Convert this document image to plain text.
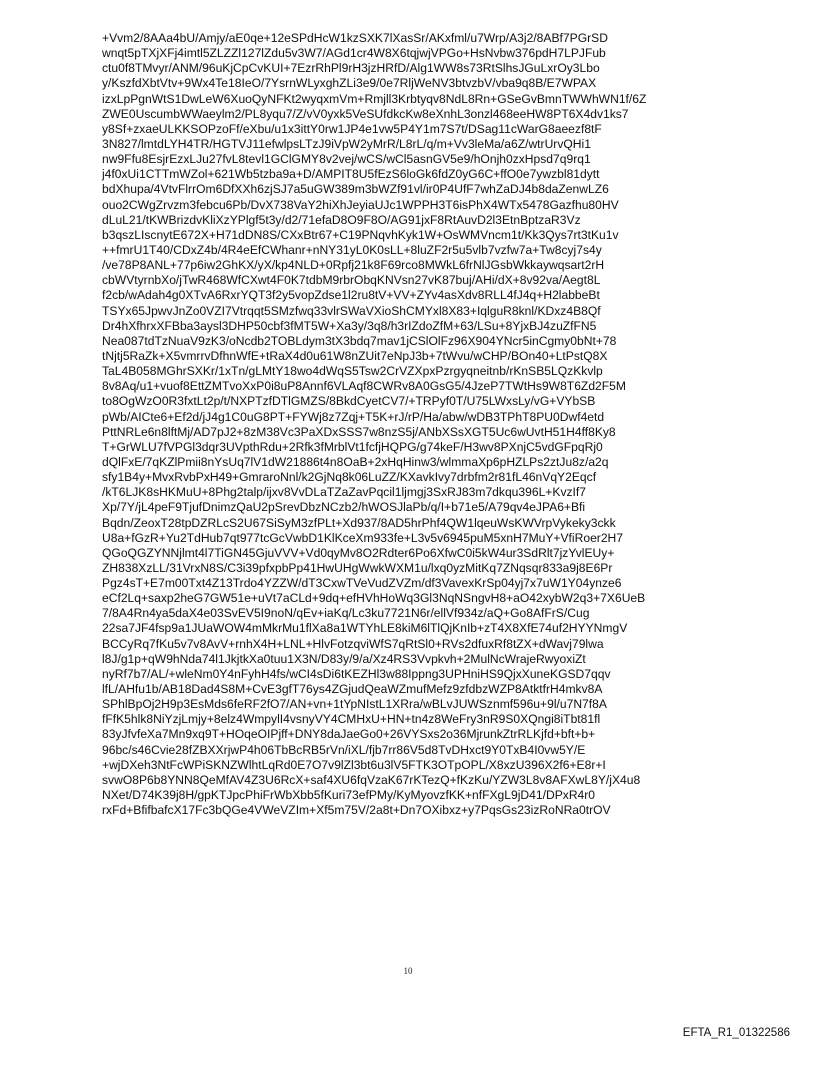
+Vvm2/8AAa4bU/Amjy/aE0qe+12eSPdHcW1kzSXK7lXasSr/AKxfml/u7Wrp/A3j2/8ABf7PGrSD
wnqt5pTXjXFj4imtl5ZLZZl127lZdu5v3W7/AGd1cr4W8X6tqjwjVPGo+HsNvbw376pdH7LPJFub
ctu0f8TMvyr/ANM/96uKjCpCvKUI+7EzrRhPl9rH3jzHRfD/Alg1WW8s73RtSlhsJGuLxrOy3Lbo
y/KszfdXbtVtv+9Wx4Te18IeO/7YsrnWLyxghZLi3e9/0e7RljWeNV3btvzbV/vba9q8B/E7WPAX
izxLpPgnWtS1DwLeW6XuoQyNFKt2wyqxmVm+Rmjll3Krbtyqv8NdL8Rn+GSeGvBmnTWWhWN1f/6Z
ZWE0UscumbWWaeylm2/PL8yqu7/Z/vV0yxk5VeSUfdkcKw8eXnhL3onzl468eeHW8PT6X4dv1ks7
y8Sf+zxaeULKKSOPzoFf/eXbu/u1x3ittY0rw1JP4e1vw5P4Y1m7S7t/DSag11cWarG8aeezf8tF
3N827/lmtdLYH4TR/HGTVJ11efwlpsLTzJ9iVpW2yMrR/L8rL/q/m+Vv3leMa/a6Z/wtrUrvQHi1
nw9Ffu8EsjrEzxLJu27fvL8tevl1GClGMY8v2vej/wCS/wCl5asnGV5e9/hOnjh0zxHpsd7q9rq1
j4f0xUi1CTTmWZol+621Wb5tzba9a+D/AMPIT8U5fEzS6loGk6fdZ0yG6C+ffO0e7ywzbl81dytt
bdXhupa/4VtvFlrrOm6DfXXh6zjSJ7a5uGW389m3bWZf91vl/ir0P4UfF7whZaDJ4b8daZenwLZ6
ouo2CWgZrvzm3febcu6Pb/DvX738VaY2hiXhJeyiaUJc1WPPH3T6isPhX4WTx5478Gazfhu80HV
dLuL21/tKWBrizdvKliXzYPlgf5t3y/d2/71efaD8O9F8O/AG91jxF8RtAuvD2l3EtnBptzaR3Vz
b3qszLIscnytE672X+H71dDN8S/CXxBtr67+C19PNqvhKyk1W+OsWMVncm1t/Kk3Qys7rt3tKu1v
++fmrU1T40/CDxZ4b/4R4eEfCWhanr+nNY31yL0K0sLL+8luZF2r5u5vlb7vzfw7a+Tw8cyj7s4y
/ve78P8ANL+77p6iw2GhKX/yX/kp4NLD+0Rpfj21k8F69rco8MWkL6frNlJGsbWkkaywqsart2rH
cbWVtyrnbXo/jTwR468WfCXwt4F0K7tdbM9rbrObqKNVsn27vK87buj/AHi/dX+8v92va/Aegt8L
f2cb/wAdah4g0XTvA6RxrYQT3f2y5vopZdse1l2ru8tV+VV+ZYv4asXdv8RLL4fJ4q+H2labbeBt
TSYx65JpwvJnZo0VZI7Vtrqqt5SMzfwq33vlrSWaVXioShCMYxl8X83+IqlguR8knl/KDxz4B8Qf
Dr4hXfhrxXFBba3aysl3DHP50cbf3fMT5W+Xa3y/3q8/h3rIZdoZfM+63/LSu+8YjxBJ4zuZfFN5
Nea087tdTzNuaV9zK3/oNcdb2TOBLdym3tX3bdq7mav1jCSlOlFz96X904YNcr5inCgmy0bNt+78
tNjtj5RaZk+X5vmrrvDfhnWfE+tRaX4d0u61W8nZUit7eNpJ3b+7tWvu/wCHP/BOn40+LtPstQ8X
TaL4B058MGhrSXKr/1xTn/gLMtY18wo4dWqS5Tsw2CrVZXpxPzrgyqneitnb/rKnSB5LQzKkvlp
8v8Aq/u1+vuof8EttZMTvoXxP0i8uP8Annf6VLAqf8CWRv8A0GsG5/4JzeP7TWtHs9W8T6Zd2F5M
to8OgWzO0R3fxtLt2p/t/NXPTzfDTlGMZS/8BkdCyetCV7/+TRPyf0T/U75LWxsLy/vG+VYbSB
pWb/AICte6+Ef2d/jJ4g1C0uG8PT+FYWj8z7Zqj+T5K+rJ/rP/Ha/abw/wDB3TPhT8PU0Dwf4etd
PttNRLe6n8lftMj/AD7pJ2+8zM38Vc3PaXDxSSS7w8nzS5j/ANbXSsXGT5Uc6wUvtH51H4ff8Ky8
T+GrWLU7fVPGl3dqr3UVpthRdu+2Rfk3fMrblVt1fcfjHQPG/g74keF/H3wv8PXnjC5vdGFpqRj0
dQlFxE/7qKZlPmii8nYsUq7lV1dW21886t4n8OaB+2xHqHinw3/wlmmaXp6pHZLPs2ztJu8z/a2q
sfy1B4y+MvxRvbPxH49+GmraroNnl/k2GjNq8k06LuZZ/KXavkIvy7drbfm2r81fL46nVqY2Eqcf
/kT6LJK8sHKMuU+8Phg2talp/ijxv8VvDLaTZaZavPqcil1ljmgj3SxRJ83m7dkqu396L+KvzIf7
Xp/7Y/jL4peF9TjufDnimzQaU2pSrevDbzNCzb2/hWOSJlaPb/q/I+b71e5/A79qv4eJPA6+Bfi
Bqdn/ZeoxT28tpDZRLcS2U67SiSyM3zfPLt+Xd937/8AD5hrPhf4QW1lqeuWsKWVrpVykeky3ckk
U8a+fGzR+Yu2TdHub7qt977tcGcVwbD1KlKceXm933fe+L3v5v6945puM5xnH7MuY+VfiRoer2H7
QGoQGZYNNjlmt4l7TiGN45GjuVVV+Vd0qyMv8O2Rdter6Po6XfwC0i5kW4ur3SdRlt7jzYvlEUy+
ZH838XzLL/31VrxN8S/C3i39pfxpbPp41HwUHgWwkWXM1u/lxq0yzMitKq7ZNqsqr833a9j8E6Pr
Pgz4sT+E7m00Txt4Z13Trdo4YZZW/dT3CxwTVeVudZVZm/df3VavexKrSp04yj7x7uW1Y04ynze6
eCf2Lq+saxp2heG7GW51e+uVt7aCLd+9dq+efHVhHoWq3Gl3NqNSngvH8+aO42xybW2q3+7X6UeB
7/8A4Rn4ya5daX4e03SvEV5I9noN/qEv+iaKq/Lc3ku7721N6r/ellVf934z/aQ+Go8AfFrS/Cug
22sa7JF4fsp9a1JUaWOW4mMkrMu1flXa8a1WTYhLE8kiM6lTlQjKnIb+zT4X8XfE74uf2HYYNmgV
BCCyRq7fKu5v7v8AvV+rnhX4H+LNL+HlvFotzqviWfS7qRtSl0+RVs2dfuxRf8tZX+dWavj79lwa
l8J/g1p+qW9hNda74l1JkjtkXa0tuu1X3N/D83y/9/a/Xz4RS3Vvpkvh+2MulNcWrajeRwyoxiZt
nyRf7b7/AL/+wleNm0Y4nFyhH4fs/wCI4sDi6tKEZHl3w88Ippng3UPHniHS9QjxXuneKGSD7qqv
lfL/AHfu1b/AB18Dad4S8M+CvE3gfT76ys4ZGjudQeaWZmufMefz9zfdbzWZP8AtktfrH4mkv8A
SPhlBpOj2H9p3EsMds6feRF2fO7/AN+vn+1tYpNIstL1XRra/wBLvJUWSznmf596u+9l/u7N7f8A
fFfK5hlk8NiYzjLmjy+8elz4WmpylI4vsnyVY4CMHxU+HN+tn4z8WeFry3nR9S0XQngi8iTbt81fl
83yJfvfeXa7Mn9xq9T+HOqeOIPjff+DNY8daJaeGo0+26VYSxs2o36MjrunkZtrRLKjfd+bft+b+
96bc/s46Cvie28fZBXXrjwP4h06TbBcRB5rVn/iXL/fjb7rr86V5d8TvDHxct9Y0TxB4I0vw5Y/E
+wjDXeh3NtFcWPiSKNZWlhtLqRd0E7O7v9lZl3bt6u3lV5FTK3OTpOPL/X8xzU396X2f6+E8r+I
svwO8P6b8YNN8QeMfAV4Z3U6RcX+saf4XU6fqVzaK67rKTezQ+fKzKu/YZW3L8v8AFXwL8Y/jX4u8
NXet/D74K39j8H/gpKTJpcPhiFrWbXbb5fKuri73efPMy/KyMyovzfKK+nfFXgL9jD41/DPxR4r0
rxFd+BfifbafcX17Fc3bQGe4VWeVZIm+Xf5m75V/2a8t+Dn7OXibxz+y7PqsGs23izRoNRa0trOV
10
EFTA_R1_01322586
